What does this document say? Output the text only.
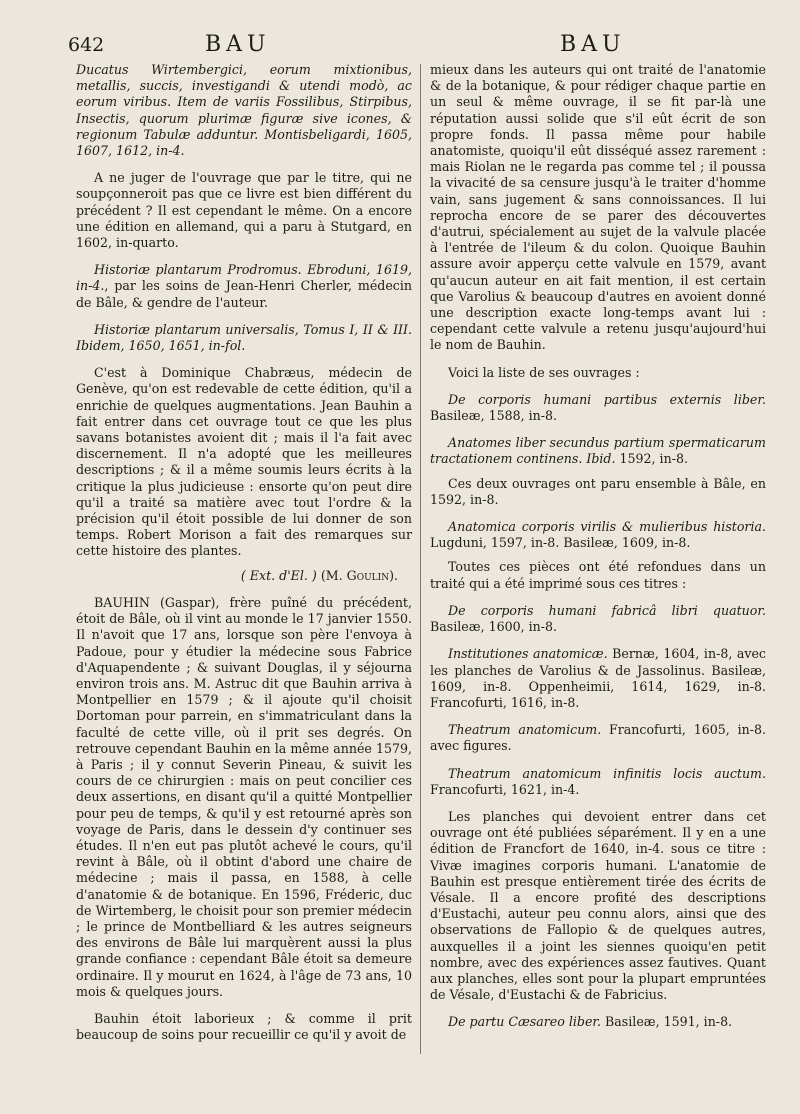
642	BAU	BAU

Ducatus Wirtembergici, eorum mixtionibus, metallis, succis, investigandi & utendi modò, ac eorum viribus. Item de variis Fossilibus, Stirpibus, Insectis, quorum plurimæ figuræ sive icones, & regionum Tabulæ adduntur. Montisbeligardi, 1605, 1607, 1612, in-4.

A ne juger de l'ouvrage que par le titre, qui ne soupçonneroit pas que ce livre est bien différent du précédent ? Il est cependant le même. On a encore une édition en allemand, qui a paru à Stutgard, en 1602, in-quarto.

Historiæ plantarum Prodromus. Ebroduni, 1619, in-4., par les soins de Jean-Henri Cherler, médecin de Bâle, & gendre de l'auteur.

Historiæ plantarum universalis, Tomus I, II & III. Ibidem, 1650, 1651, in-fol.

C'est à Dominique Chabræus, médecin de Genève, qu'on est redevable de cette édition, qu'il a enrichie de quelques augmentations. Jean Bauhin a fait entrer dans cet ouvrage tout ce que les plus savans botanistes avoient dit ; mais il l'a fait avec discernement. Il n'a adopté que les meilleures descriptions ; & il a même soumis leurs écrits à la critique la plus judicieuse : ensorte qu'on peut dire qu'il a traité sa matière avec tout l'ordre & la précision qu'il étoit possible de lui donner de son temps. Robert Morison a fait des remarques sur cette histoire des plantes.

( Ext. d'El. ) (M. Goulin).

BAUHIN (Gaspar), frère puîné du précédent, étoit de Bâle, où il vint au monde le 17 janvier 1550. Il n'avoit que 17 ans, lorsque son père l'envoya à Padoue, pour y étudier la médecine sous Fabrice d'Aquapendente ; & suivant Douglas, il y séjourna environ trois ans. M. Astruc dit que Bauhin arriva à Montpellier en 1579 ; & il ajoute qu'il choisit Dortoman pour parrein, en s'immatriculant dans la faculté de cette ville, où il prit ses degrés. On retrouve cependant Bauhin en la même année 1579, à Paris ; il y connut Severin Pineau, & suivit les cours de ce chirurgien : mais on peut concilier ces deux assertions, en disant qu'il a quitté Montpellier pour peu de temps, & qu'il y est retourné après son voyage de Paris, dans le dessein d'y continuer ses études. Il n'en eut pas plutôt achevé le cours, qu'il revint à Bâle, où il obtint d'abord une chaire de médecine ; mais il passa, en 1588, à celle d'anatomie & de botanique. En 1596, Fréderic, duc de Wirtemberg, le choisit pour son premier médecin ; le prince de Montbelliard & les autres seigneurs des environs de Bâle lui marquèrent aussi la plus grande confiance : cependant Bâle étoit sa demeure ordinaire. Il y mourut en 1624, à l'âge de 73 ans, 10 mois & quelques jours.

Bauhin étoit laborieux ; & comme il prit beaucoup de soins pour recueillir ce qu'il y avoit de

mieux dans les auteurs qui ont traité de l'anatomie & de la botanique, & pour rédiger chaque partie en un seul & même ouvrage, il se fit par-là une réputation aussi solide que s'il eût écrit de son propre fonds. Il passa même pour habile anatomiste, quoiqu'il eût disséqué assez rarement : mais Riolan ne le regarda pas comme tel ; il poussa la vivacité de sa censure jusqu'à le traiter d'homme vain, sans jugement & sans connoissances. Il lui reprocha encore de se parer des découvertes d'autrui, spécialement au sujet de la valvule placée à l'entrée de l'ileum & du colon. Quoique Bauhin assure avoir apperçu cette valvule en 1579, avant qu'aucun auteur en ait fait mention, il est certain que Varolius & beaucoup d'autres en avoient donné une description exacte long-temps avant lui : cependant cette valvule a retenu jusqu'aujourd'hui le nom de Bauhin.

Voici la liste de ses ouvrages :

De corporis humani partibus externis liber. Basileæ, 1588, in-8.

Anatomes liber secundus partium spermaticarum tractationem continens. Ibid. 1592, in-8.

Ces deux ouvrages ont paru ensemble à Bâle, en 1592, in-8.

Anatomica corporis virilis & mulieribus historia. Lugduni, 1597, in-8. Basileæ, 1609, in-8.

Toutes ces pièces ont été refondues dans un traité qui a été imprimé sous ces titres :

De corporis humani fabricâ libri quatuor. Basileæ, 1600, in-8.

Institutiones anatomicæ. Bernæ, 1604, in-8, avec les planches de Varolius & de Jassolinus. Basileæ, 1609, in-8. Oppenheimii, 1614, 1629, in-8. Francofurti, 1616, in-8.

Theatrum anatomicum. Francofurti, 1605, in-8. avec figures.

Theatrum anatomicum infinitis locis auctum. Francofurti, 1621, in-4.

Les planches qui devoient entrer dans cet ouvrage ont été publiées séparément. Il y en a une édition de Francfort de 1640, in-4. sous ce titre : Vivæ imagines corporis humani. L'anatomie de Bauhin est presque entièrement tirée des écrits de Vésale. Il a encore profité des descriptions d'Eustachi, auteur peu connu alors, ainsi que des observations de Fallopio & de quelques autres, auxquelles il a joint les siennes quoiqu'en petit nombre, avec des expériences assez fautives. Quant aux planches, elles sont pour la plupart empruntées de Vésale, d'Eustachi & de Fabricius.

De partu Cæsareo liber. Basileæ, 1591, in-8.
